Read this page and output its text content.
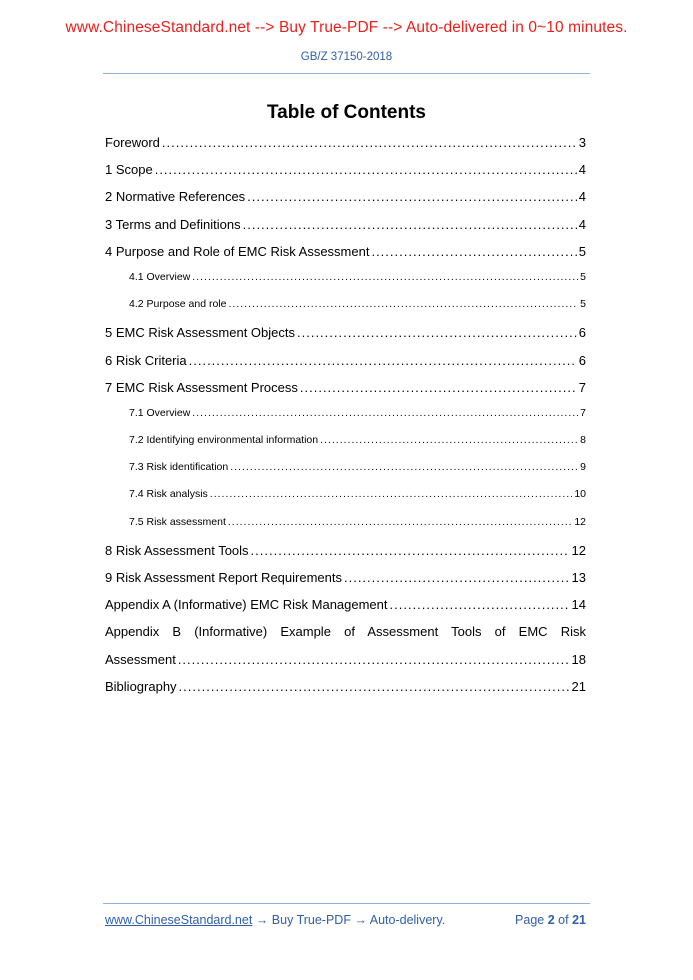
www.ChineseStandard.net --> Buy True-PDF --> Auto-delivered in 0~10 minutes.
GB/Z 37150-2018
Table of Contents
Foreword .....	3
1 Scope .....	4
2 Normative References .....	4
3 Terms and Definitions .....	4
4 Purpose and Role of EMC Risk Assessment .....	5
4.1 Overview .....	5
4.2 Purpose and role .....	5
5 EMC Risk Assessment Objects .....	6
6 Risk Criteria .....	6
7 EMC Risk Assessment Process .....	7
7.1 Overview .....	7
7.2 Identifying environmental information .....	8
7.3 Risk identification .....	9
7.4 Risk analysis .....	10
7.5 Risk assessment .....	12
8 Risk Assessment Tools .....	12
9 Risk Assessment Report Requirements .....	13
Appendix A (Informative) EMC Risk Management .....	14
Appendix B (Informative) Example of Assessment Tools of EMC Risk
Assessment .....	18
Bibliography .....	21
www.ChineseStandard.net → Buy True-PDF → Auto-delivery.	Page 2 of 21
